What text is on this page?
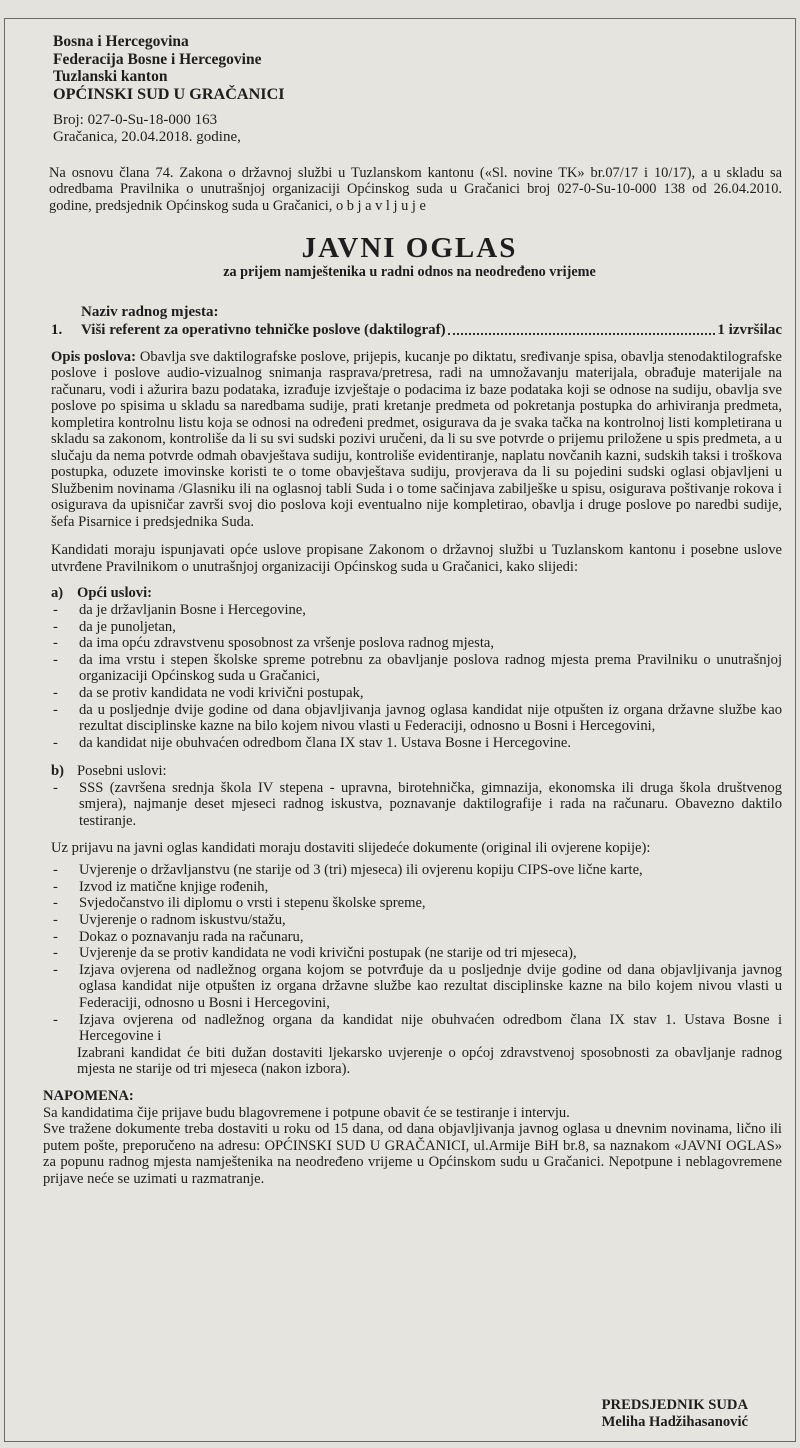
Bosna i Hercegovina
Federacija Bosne i Hercegovine
Tuzlanski kanton
OPĆINSKI SUD U GRAČANICI
Broj: 027-0-Su-18-000 163
Gračanica, 20.04.2018. godine,
Na osnovu člana 74. Zakona o državnoj službi u Tuzlanskom kantonu («Sl. novine TK» br.07/17 i 10/17), a u skladu sa odredbama Pravilnika o unutrašnjoj organizaciji Općinskog suda u Gračanici broj 027-0-Su-10-000 138 od 26.04.2010. godine, predsjednik Općinskog suda u Gračanici, o b j a v l j u j e
JAVNI OGLAS
za prijem namještenika u radni odnos na neodređeno vrijeme
Naziv radnog mjesta:
1.	Viši referent za operativno tehničke poslove (daktilograf)	1 izvršilac
Opis poslova: Obavlja sve daktilografske poslove, prijepis, kucanje po diktatu, sređivanje spisa, obavlja stenodaktilografske poslove i poslove audio-vizualnog snimanja rasprava/pretresa, radi na umnožavanju materijala, obrađuje materijale na računaru, vodi i ažurira bazu podataka, izrađuje izvještaje o podacima iz baze podataka koji se odnose na sudiju, obavlja sve poslove po spisima u skladu sa naredbama sudije, prati kretanje predmeta od pokretanja postupka do arhiviranja predmeta, kompletira kontrolnu listu koja se odnosi na određeni predmet, osigurava da je svaka tačka na kontrolnoj listi kompletirana u skladu sa zakonom, kontroliše da li su svi sudski pozivi uručeni, da li su sve potvrde o prijemu priložene u spis predmeta, a u slučaju da nema potvrde odmah obavještava sudiju, kontroliše evidentiranje, naplatu novčanih kazni, sudskih taksi i troškova postupka, oduzete imovinske koristi te o tome obavještava sudiju, provjerava da li su pojedini sudski oglasi objavljeni u Službenim novinama /Glasniku ili na oglasnoj tabli Suda i o tome sačinjava zabilješke u spisu, osigurava poštivanje rokova i osigurava da upisničar završi svoj dio poslova koji eventualno nije kompletirao, obavlja i druge poslove po naredbi sudije, šefa Pisarnice i predsjednika Suda.
Kandidati moraju ispunjavati opće uslove propisane Zakonom o državnoj službi u Tuzlanskom kantonu i posebne uslove utvrđene Pravilnikom o unutrašnjoj organizaciji Općinskog suda u Gračanici, kako slijedi:
a) Opći uslovi:
-	da je državljanin Bosne i Hercegovine,
-	da je punoljetan,
-	da ima opću zdravstvenu sposobnost za vršenje poslova radnog mjesta,
-	da ima vrstu i stepen školske spreme potrebnu za obavljanje poslova radnog mjesta prema Pravilniku o unutrašnjoj organizaciji Općinskog suda u Gračanici,
-	da se protiv kandidata ne vodi krivični postupak,
-	da u posljednje dvije godine od dana objavljivanja javnog oglasa kandidat nije otpušten iz organa državne službe kao rezultat disciplinske kazne na bilo kojem nivou vlasti u Federaciji, odnosno u Bosni i Hercegovini,
-	da kandidat nije obuhvaćen odredbom člana IX stav 1. Ustava Bosne i Hercegovine.
b) Posebni uslovi:
-	SSS (završena srednja škola IV stepena - upravna, birotehnička, gimnazija, ekonomska ili druga škola društvenog smjera), najmanje deset mjeseci radnog iskustva, poznavanje daktilografije i rada na računaru. Obavezno daktilo testiranje.
Uz prijavu na javni oglas kandidati moraju dostaviti slijedeće dokumente (original ili ovjerene kopije):
-	Uvjerenje o državljanstvu (ne starije od 3 (tri) mjeseca) ili ovjerenu kopiju CIPS-ove lične karte,
-	Izvod iz matične knjige rođenih,
-	Svjedočanstvo ili diplomu o vrsti i stepenu školske spreme,
-	Uvjerenje o radnom iskustvu/stažu,
-	Dokaz o poznavanju rada na računaru,
-	Uvjerenje da se protiv kandidata ne vodi krivični postupak (ne starije od tri mjeseca),
-	Izjava ovjerena od nadležnog organa kojom se potvrđuje da u posljednje dvije godine od dana objavljivanja javnog oglasa kandidat nije otpušten iz organa državne službe kao rezultat disciplinske kazne na bilo kojem nivou vlasti u Federaciji, odnosno u Bosni i Hercegovini,
-	Izjava ovjerena od nadležnog organa da kandidat nije obuhvaćen odredbom člana IX stav 1. Ustava Bosne i Hercegovine i
Izabrani kandidat će biti dužan dostaviti ljekarsko uvjerenje o općoj zdravstvenoj sposobnosti za obavljanje radnog mjesta ne starije od tri mjeseca (nakon izbora).
NAPOMENA:
Sa kandidatima čije prijave budu blagovremene i potpune obavit će se testiranje i intervju.
Sve tražene dokumente treba dostaviti u roku od 15 dana, od dana objavljivanja javnog oglasa u dnevnim novinama, lično ili putem pošte, preporučeno na adresu: OPĆINSKI SUD U GRAČANICI, ul.Armije BiH br.8, sa naznakom «JAVNI OGLAS» za popunu radnog mjesta namještenika na neodređeno vrijeme u Općinskom sudu u Gračanici. Nepotpune i neblagovremene prijave neće se uzimati u razmatranje.
PREDSJEDNIK SUDA
Meliha Hadžihasanović
